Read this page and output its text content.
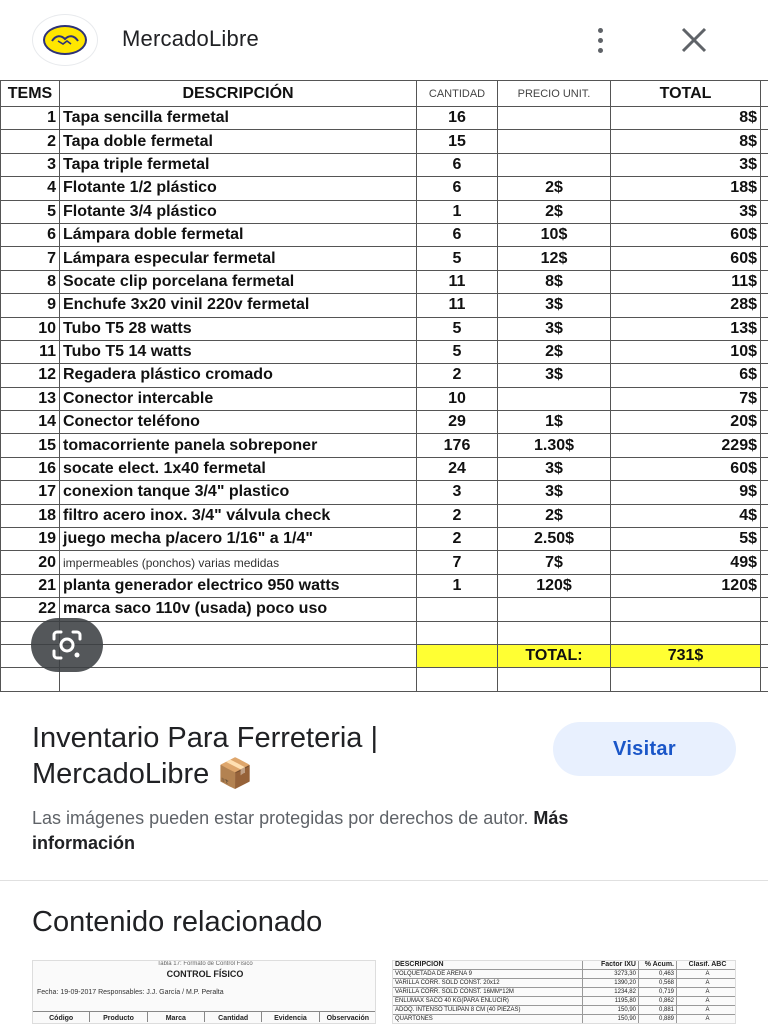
MercadoLibre
TEMS	DESCRIPCIÓN	CANTIDAD	PRECIO UNIT.	TOTAL	
1	Tapa sencilla fermetal	16		8$	
2	Tapa doble fermetal	15		8$	
3	Tapa triple fermetal	6		3$	
4	Flotante 1/2 plástico	6	2$	18$	
5	Flotante 3/4 plástico	1	2$	3$	
6	Lámpara doble fermetal	6	10$	60$	
7	Lámpara especular fermetal	5	12$	60$	
8	Socate clip porcelana fermetal	11	8$	11$	
9	Enchufe 3x20 vinil 220v fermetal	11	3$	28$	
10	Tubo T5 28 watts	5	3$	13$	
11	Tubo T5 14 watts	5	2$	10$	
12	Regadera plástico cromado	2	3$	6$	
13	Conector intercable	10		7$	
14	Conector teléfono	29	1$	20$	
15	tomacorriente panela sobreponer	176	1.30$	229$	
16	socate elect. 1x40 fermetal	24	3$	60$	
17	conexion tanque 3/4" plastico	3	3$	9$	
18	filtro acero inox. 3/4" válvula check	2	2$	4$	
19	juego mecha p/acero 1/16" a 1/4"	2	2.50$	5$	
20	impermeables (ponchos) varias medidas	7	7$	49$	
21	planta generador electrico 950 watts	1	120$	120$	
22	marca saco 110v (usada) poco uso				

			TOTAL:	731$	

Inventario Para Ferreteria |
MercadoLibre 📦
Visitar
Las imágenes pueden estar protegidas por derechos de autor. Más información
Contenido relacionado
Tabla 17: Formato de Control Físico
CONTROL FÍSICO
Fecha: 19-09-2017 Responsables: J.J. García / M.P. Peralta
Código	Producto	Marca	Cantidad	Evidencia	Observación
DESCRIPCIÓN	Factor IXU	% Acum.	Clasif. ABC
VOLQUETADA DE ARENA 9	3273,30	0,463	A
VARILLA CORR. SOLD CONST. 20x12	1390,20	0,568	A
VARILLA CORR. SOLD CONST. 16MM*12M	1234,82	0,719	A
ENLUMAX SACO 40 KG(PARA ENLUCIR)	1195,80	0,862	A
ADOQ. INTENSO TULIPAN 8 CM (40 PIEZAS)	150,90	0,881	A
QUARTONES	150,90	0,889	A
